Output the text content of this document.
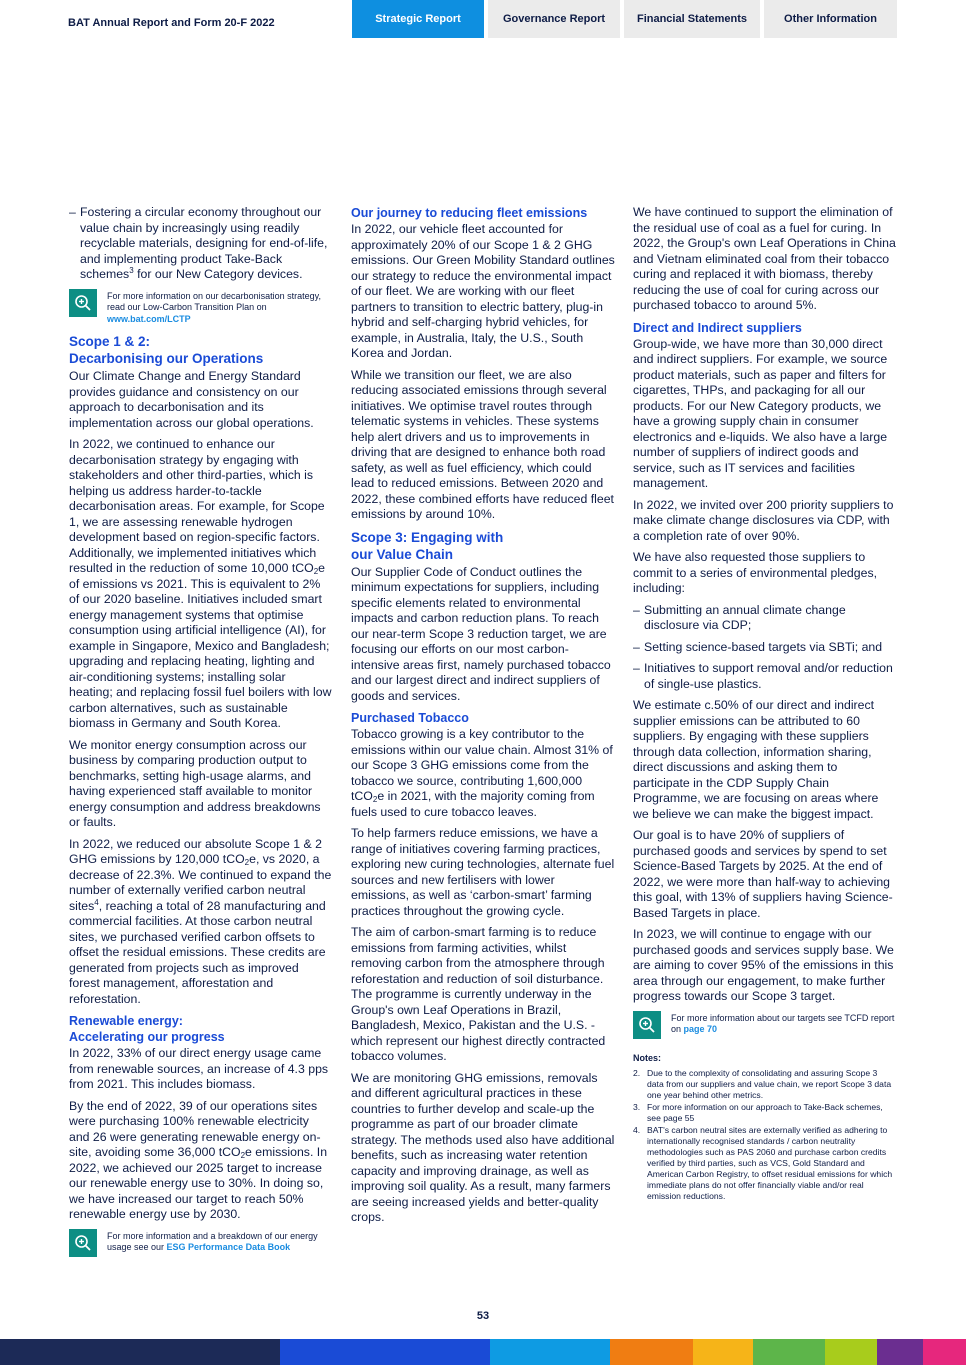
BAT Annual Report and Form 20-F 2022	Strategic Report	Governance Report	Financial Statements	Other Information
– Fostering a circular economy throughout our value chain by increasingly using readily recyclable materials, designing for end-of-life, and implementing product Take-Back schemes$^3$ for our New Category devices.
For more information on our decarbonisation strategy, read our Low-Carbon Transition Plan on www.bat.com/LCTP
Scope 1 & 2:
Decarbonising our Operations

Our Climate Change and Energy Standard provides guidance and consistency on our approach to decarbonisation and its implementation across our global operations.

In 2022, we continued to enhance our decarbonisation strategy by engaging with stakeholders and other third-parties, which is helping us address harder-to-tackle decarbonisation areas. For example, for Scope 1, we are assessing renewable hydrogen development based on region-specific factors. Additionally, we implemented initiatives which resulted in the reduction of some 10,000 tCO$_2$e of emissions vs 2021. This is equivalent to 2% of our 2020 baseline. Initiatives included smart energy management systems that optimise consumption using artificial intelligence (AI), for example in Singapore, Mexico and Bangladesh; upgrading and replacing heating, lighting and air-conditioning systems; installing solar heating; and replacing fossil fuel boilers with low carbon alternatives, such as sustainable biomass in Germany and South Korea.

We monitor energy consumption across our business by comparing production output to benchmarks, setting high-usage alarms, and having experienced staff available to monitor energy consumption and address breakdowns or faults.

In 2022, we reduced our absolute Scope 1 & 2 GHG emissions by 120,000 tCO$_2$e, vs 2020, a decrease of 22.3%. We continued to expand the number of externally verified carbon neutral sites$^4$, reaching a total of 28 manufacturing and commercial facilities. At those carbon neutral sites, we purchased verified carbon offsets to offset the residual emissions. These credits are generated from projects such as improved forest management, afforestation and reforestation.

Renewable energy:
Accelerating our progress

In 2022, 33% of our direct energy usage came from renewable sources, an increase of 4.3 pps from 2021. This includes biomass.

By the end of 2022, 39 of our operations sites were purchasing 100% renewable electricity and 26 were generating renewable energy on-site, avoiding some 36,000 tCO$_2$e emissions. In 2022, we achieved our 2025 target to increase our renewable energy use to 30%. In doing so, we have increased our target to reach 50% renewable energy use by 2030.

For more information and a breakdown of our energy usage see our ESG Performance Data Book
Our journey to reducing fleet emissions

In 2022, our vehicle fleet accounted for approximately 20% of our Scope 1 & 2 GHG emissions. Our Green Mobility Standard outlines our strategy to reduce the environmental impact of our fleet. We are working with our fleet partners to transition to electric battery, plug-in hybrid and self-charging hybrid vehicles, for example, in Australia, Italy, the U.S., South Korea and Jordan.

While we transition our fleet, we are also reducing associated emissions through several initiatives. We optimise travel routes through telematic systems in vehicles. These systems help alert drivers and us to improvements in driving that are designed to enhance both road safety, as well as fuel efficiency, which could lead to reduced emissions. Between 2020 and 2022, these combined efforts have reduced fleet emissions by around 10%.

Scope 3: Engaging with
our Value Chain

Our Supplier Code of Conduct outlines the minimum expectations for suppliers, including specific elements related to environmental impacts and carbon reduction plans. To reach our near-term Scope 3 reduction target, we are focusing our efforts on our most carbon-intensive areas first, namely purchased tobacco and our largest direct and indirect suppliers of goods and services.

Purchased Tobacco

Tobacco growing is a key contributor to the emissions within our value chain. Almost 31% of our Scope 3 GHG emissions come from the tobacco we source, contributing 1,600,000 tCO$_2$e in 2021, with the majority coming from fuels used to cure tobacco leaves.

To help farmers reduce emissions, we have a range of initiatives covering farming practices, exploring new curing technologies, alternate fuel sources and new fertilisers with lower emissions, as well as ‘carbon-smart’ farming practices throughout the growing cycle.

The aim of carbon-smart farming is to reduce emissions from farming activities, whilst removing carbon from the atmosphere through reforestation and reduction of soil disturbance. The programme is currently underway in the Group's own Leaf Operations in Brazil, Bangladesh, Mexico, Pakistan and the U.S. - which represent our highest directly contracted tobacco volumes.

We are monitoring GHG emissions, removals and different agricultural practices in these countries to further develop and scale-up the programme as part of our broader climate strategy. The methods used also have additional benefits, such as increasing water retention capacity and improving drainage, as well as improving soil quality. As a result, many farmers are seeing increased yields and better-quality crops.

We have continued to support the elimination of the residual use of coal as a fuel for curing. In 2022, the Group's own Leaf Operations in China and Vietnam eliminated coal from their tobacco curing and replaced it with biomass, thereby reducing the use of coal for curing across our purchased tobacco to around 5%.

Direct and Indirect suppliers

Group-wide, we have more than 30,000 direct and indirect suppliers. For example, we source product materials, such as paper and filters for cigarettes, THPs, and packaging for all our products. For our New Category products, we have a growing supply chain in consumer electronics and e-liquids. We also have a large number of suppliers of indirect goods and service, such as IT services and facilities management.

In 2022, we invited over 200 priority suppliers to make climate change disclosures via CDP, with a completion rate of over 90%.

We have also requested those suppliers to commit to a series of environmental pledges, including:

– Submitting an annual climate change disclosure via CDP;
– Setting science-based targets via SBTi; and
– Initiatives to support removal and/or reduction of single-use plastics.

We estimate c.50% of our direct and indirect supplier emissions can be attributed to 60 suppliers. By engaging with these suppliers through data collection, information sharing, direct discussions and asking them to participate in the CDP Supply Chain Programme, we are focusing on areas where we believe we can make the biggest impact.

Our goal is to have 20% of suppliers of purchased goods and services by spend to set Science-Based Targets by 2025. At the end of 2022, we were more than half-way to achieving this goal, with 13% of suppliers having Science-Based Targets in place.

In 2023, we will continue to engage with our purchased goods and services supply base. We are aiming to cover 95% of the emissions in this area through our engagement, to make further progress towards our Scope 3 target.

For more information about our targets see TCFD report on page 70
Notes:
2. Due to the complexity of consolidating and assuring Scope 3 data from our suppliers and value chain, we report Scope 3 data one year behind other metrics.
3. For more information on our approach to Take-Back schemes, see page 55
4. BAT's carbon neutral sites are externally verified as adhering to internationally recognised standards / carbon neutrality methodologies such as PAS 2060 and purchase carbon credits verified by third parties, such as VCS, Gold Standard and American Carbon Registry, to offset residual emissions for which immediate plans do not offer financially viable and/or real emission reductions.
53
